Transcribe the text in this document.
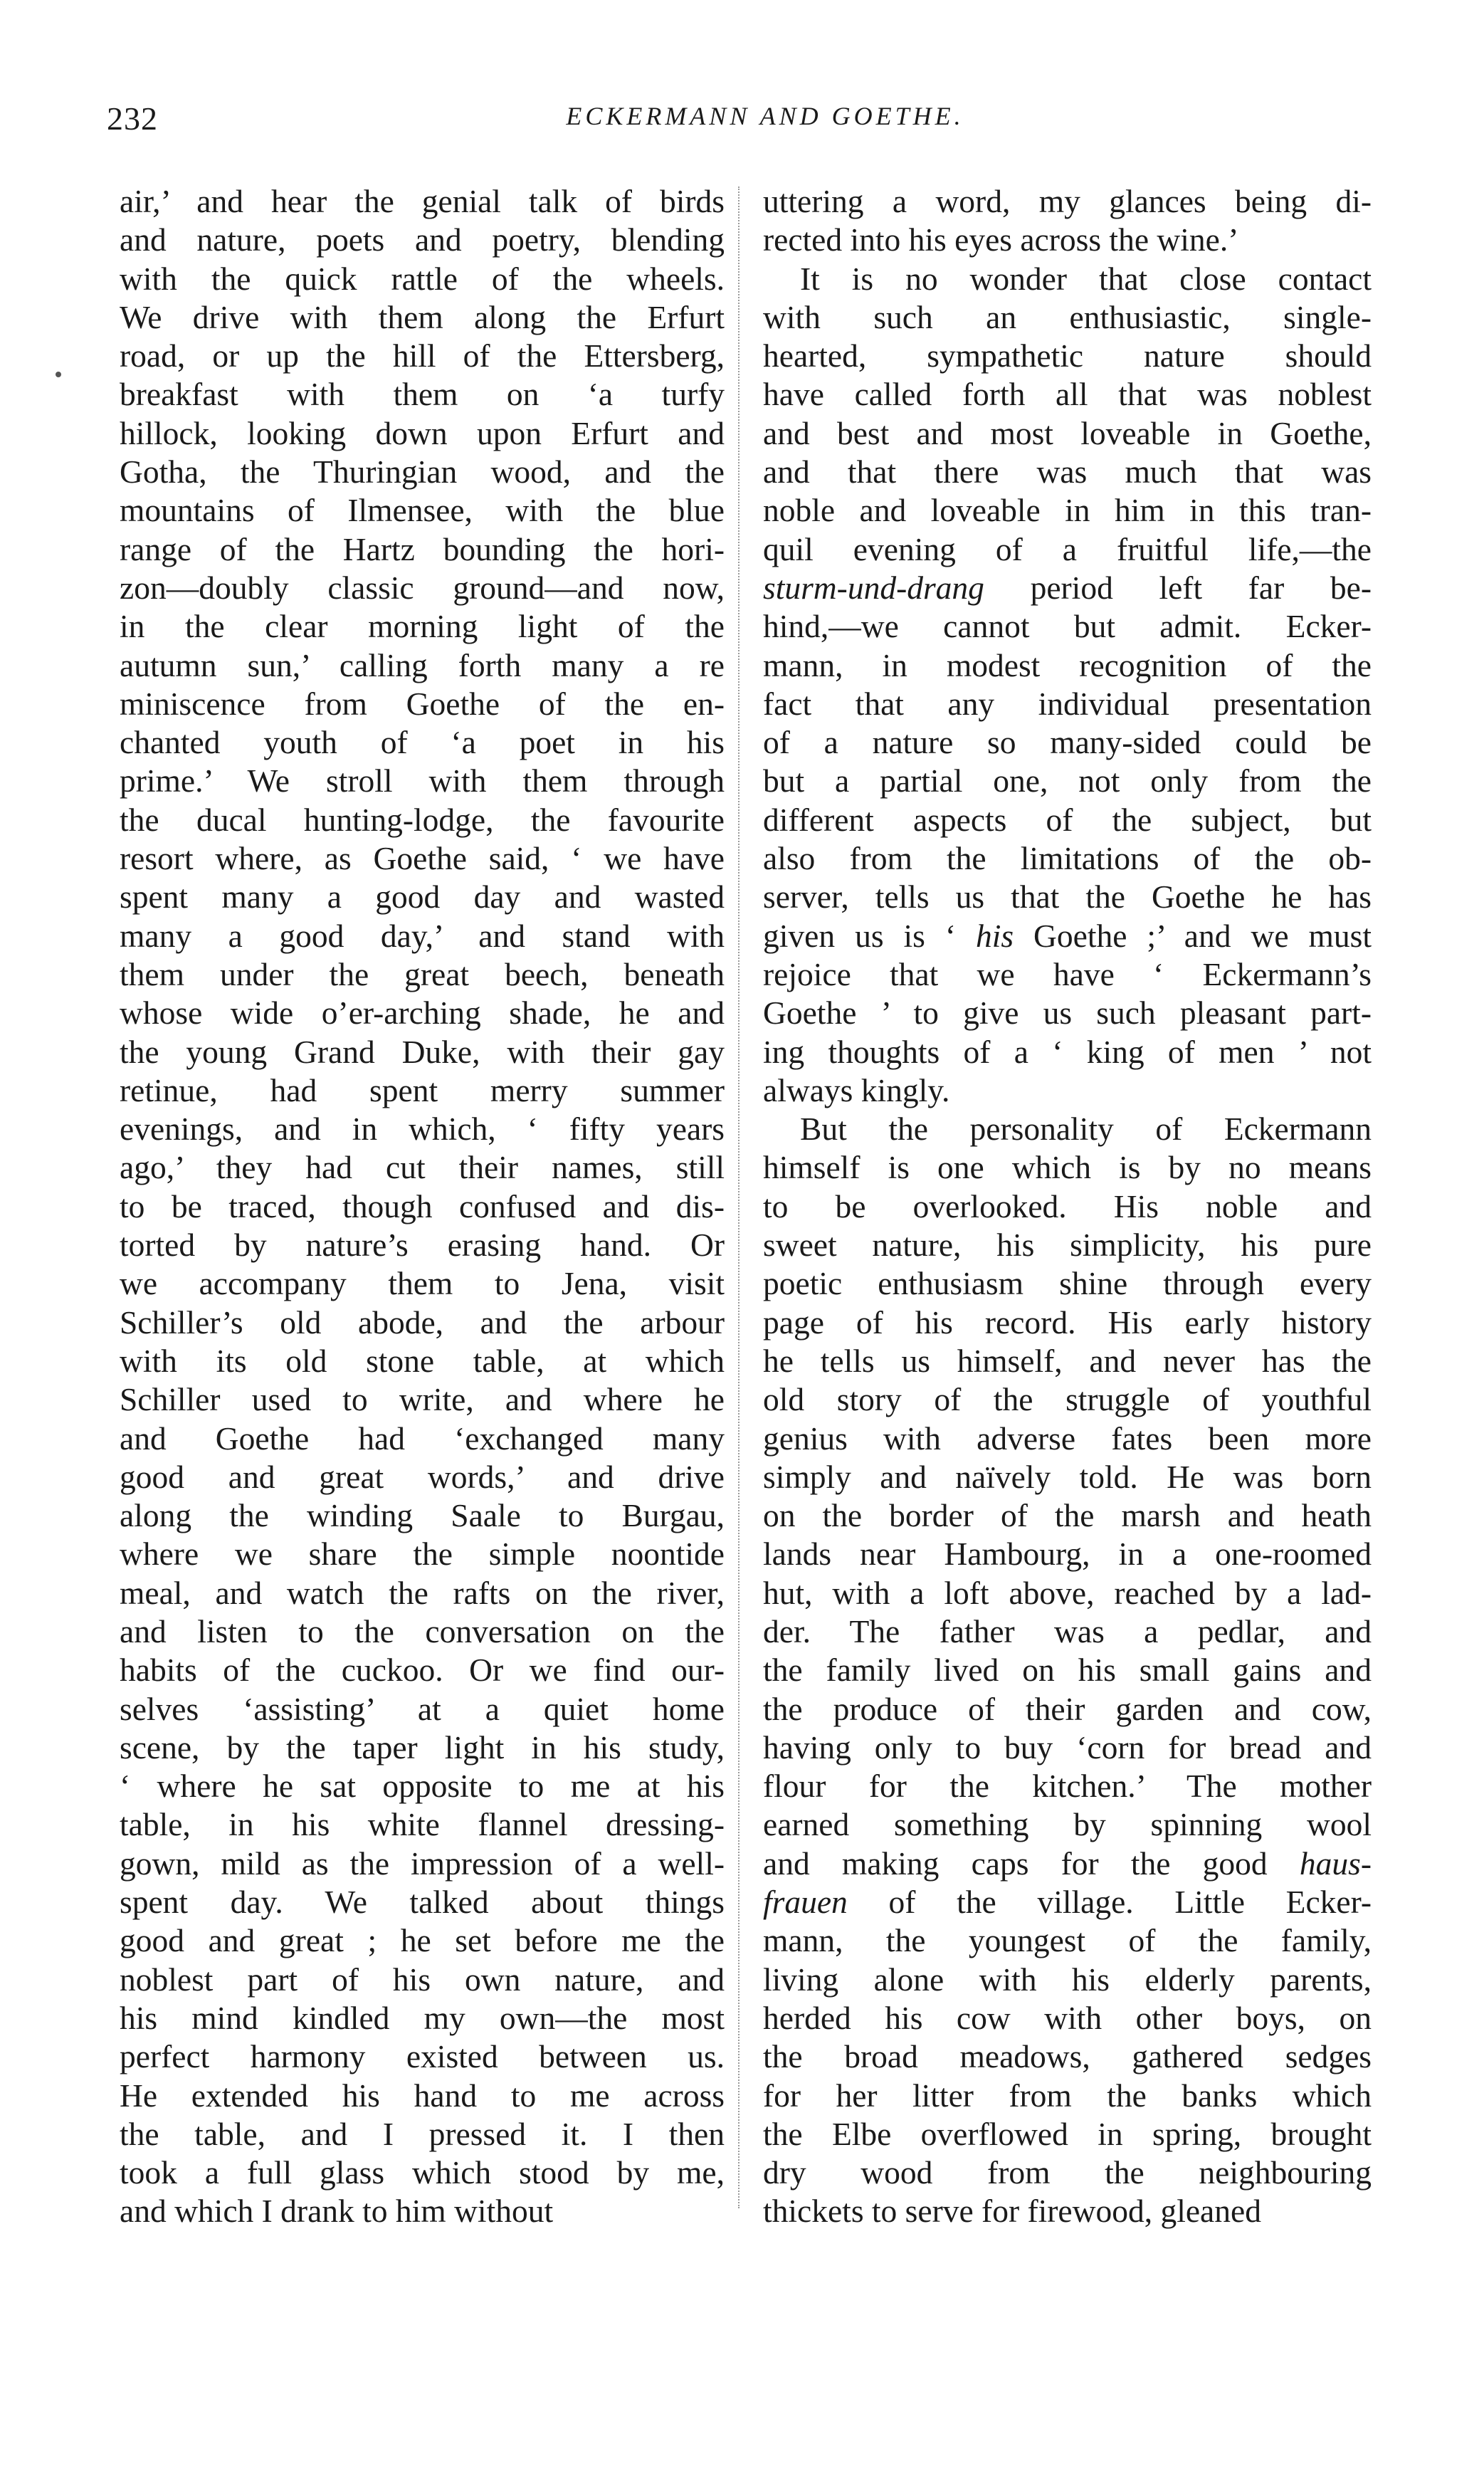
232	ECKERMANN AND GOETHE.
air,’ and hear the genial talk of birds
and nature, poets and poetry, blending
with the quick rattle of the wheels.
We drive with them along the Erfurt
road, or up the hill of the Ettersberg,
breakfast with them on ‘a turfy
hillock, looking down upon Erfurt and
Gotha, the Thuringian wood, and the
mountains of Ilmensee, with the blue
range of the Hartz bounding the hori-
zon—doubly classic ground—and now,
in the clear morning light of the
autumn sun,’ calling forth many a re
miniscence from Goethe of the en-
chanted youth of ‘a poet in his
prime.’ We stroll with them through
the ducal hunting-lodge, the favourite
resort where, as Goethe said, ‘ we have
spent many a good day and wasted
many a good day,’ and stand with
them under the great beech, beneath
whose wide o’er-arching shade, he and
the young Grand Duke, with their gay
retinue, had spent merry summer
evenings, and in which, ‘ fifty years
ago,’ they had cut their names, still
to be traced, though confused and dis-
torted by nature’s erasing hand. Or
we accompany them to Jena, visit
Schiller’s old abode, and the arbour
with its old stone table, at which
Schiller used to write, and where he
and Goethe had ‘exchanged many
good and great words,’ and drive
along the winding Saale to Burgau,
where we share the simple noontide
meal, and watch the rafts on the river,
and listen to the conversation on the
habits of the cuckoo. Or we find our-
selves ‘assisting’ at a quiet home
scene, by the taper light in his study,
‘ where he sat opposite to me at his
table, in his white flannel dressing-
gown, mild as the impression of a well-
spent day. We talked about things
good and great ; he set before me the
noblest part of his own nature, and
his mind kindled my own—the most
perfect harmony existed between us.
He extended his hand to me across
the table, and I pressed it. I then
took a full glass which stood by me,
and which I drank to him without
uttering a word, my glances being di-
rected into his eyes across the wine.’
It is no wonder that close contact
with such an enthusiastic, single-
hearted, sympathetic nature should
have called forth all that was noblest
and best and most loveable in Goethe,
and that there was much that was
noble and loveable in him in this tran-
quil evening of a fruitful life,—the
sturm-und-drang period left far be-
hind,—we cannot but admit. Ecker-
mann, in modest recognition of the
fact that any individual presentation
of a nature so many-sided could be
but a partial one, not only from the
different aspects of the subject, but
also from the limitations of the ob-
server, tells us that the Goethe he has
given us is ‘ his Goethe ;’ and we must
rejoice that we have ‘ Eckermann’s
Goethe ’ to give us such pleasant part-
ing thoughts of a ‘ king of men ’ not
always kingly.
But the personality of Eckermann
himself is one which is by no means
to be overlooked. His noble and
sweet nature, his simplicity, his pure
poetic enthusiasm shine through every
page of his record. His early history
he tells us himself, and never has the
old story of the struggle of youthful
genius with adverse fates been more
simply and naïvely told. He was born
on the border of the marsh and heath
lands near Hambourg, in a one-roomed
hut, with a loft above, reached by a lad-
der. The father was a pedlar, and
the family lived on his small gains and
the produce of their garden and cow,
having only to buy ‘corn for bread and
flour for the kitchen.’ The mother
earned something by spinning wool
and making caps for the good haus-
frauen of the village. Little Ecker-
mann, the youngest of the family,
living alone with his elderly parents,
herded his cow with other boys, on
the broad meadows, gathered sedges
for her litter from the banks which
the Elbe overflowed in spring, brought
dry wood from the neighbouring
thickets to serve for firewood, gleaned
